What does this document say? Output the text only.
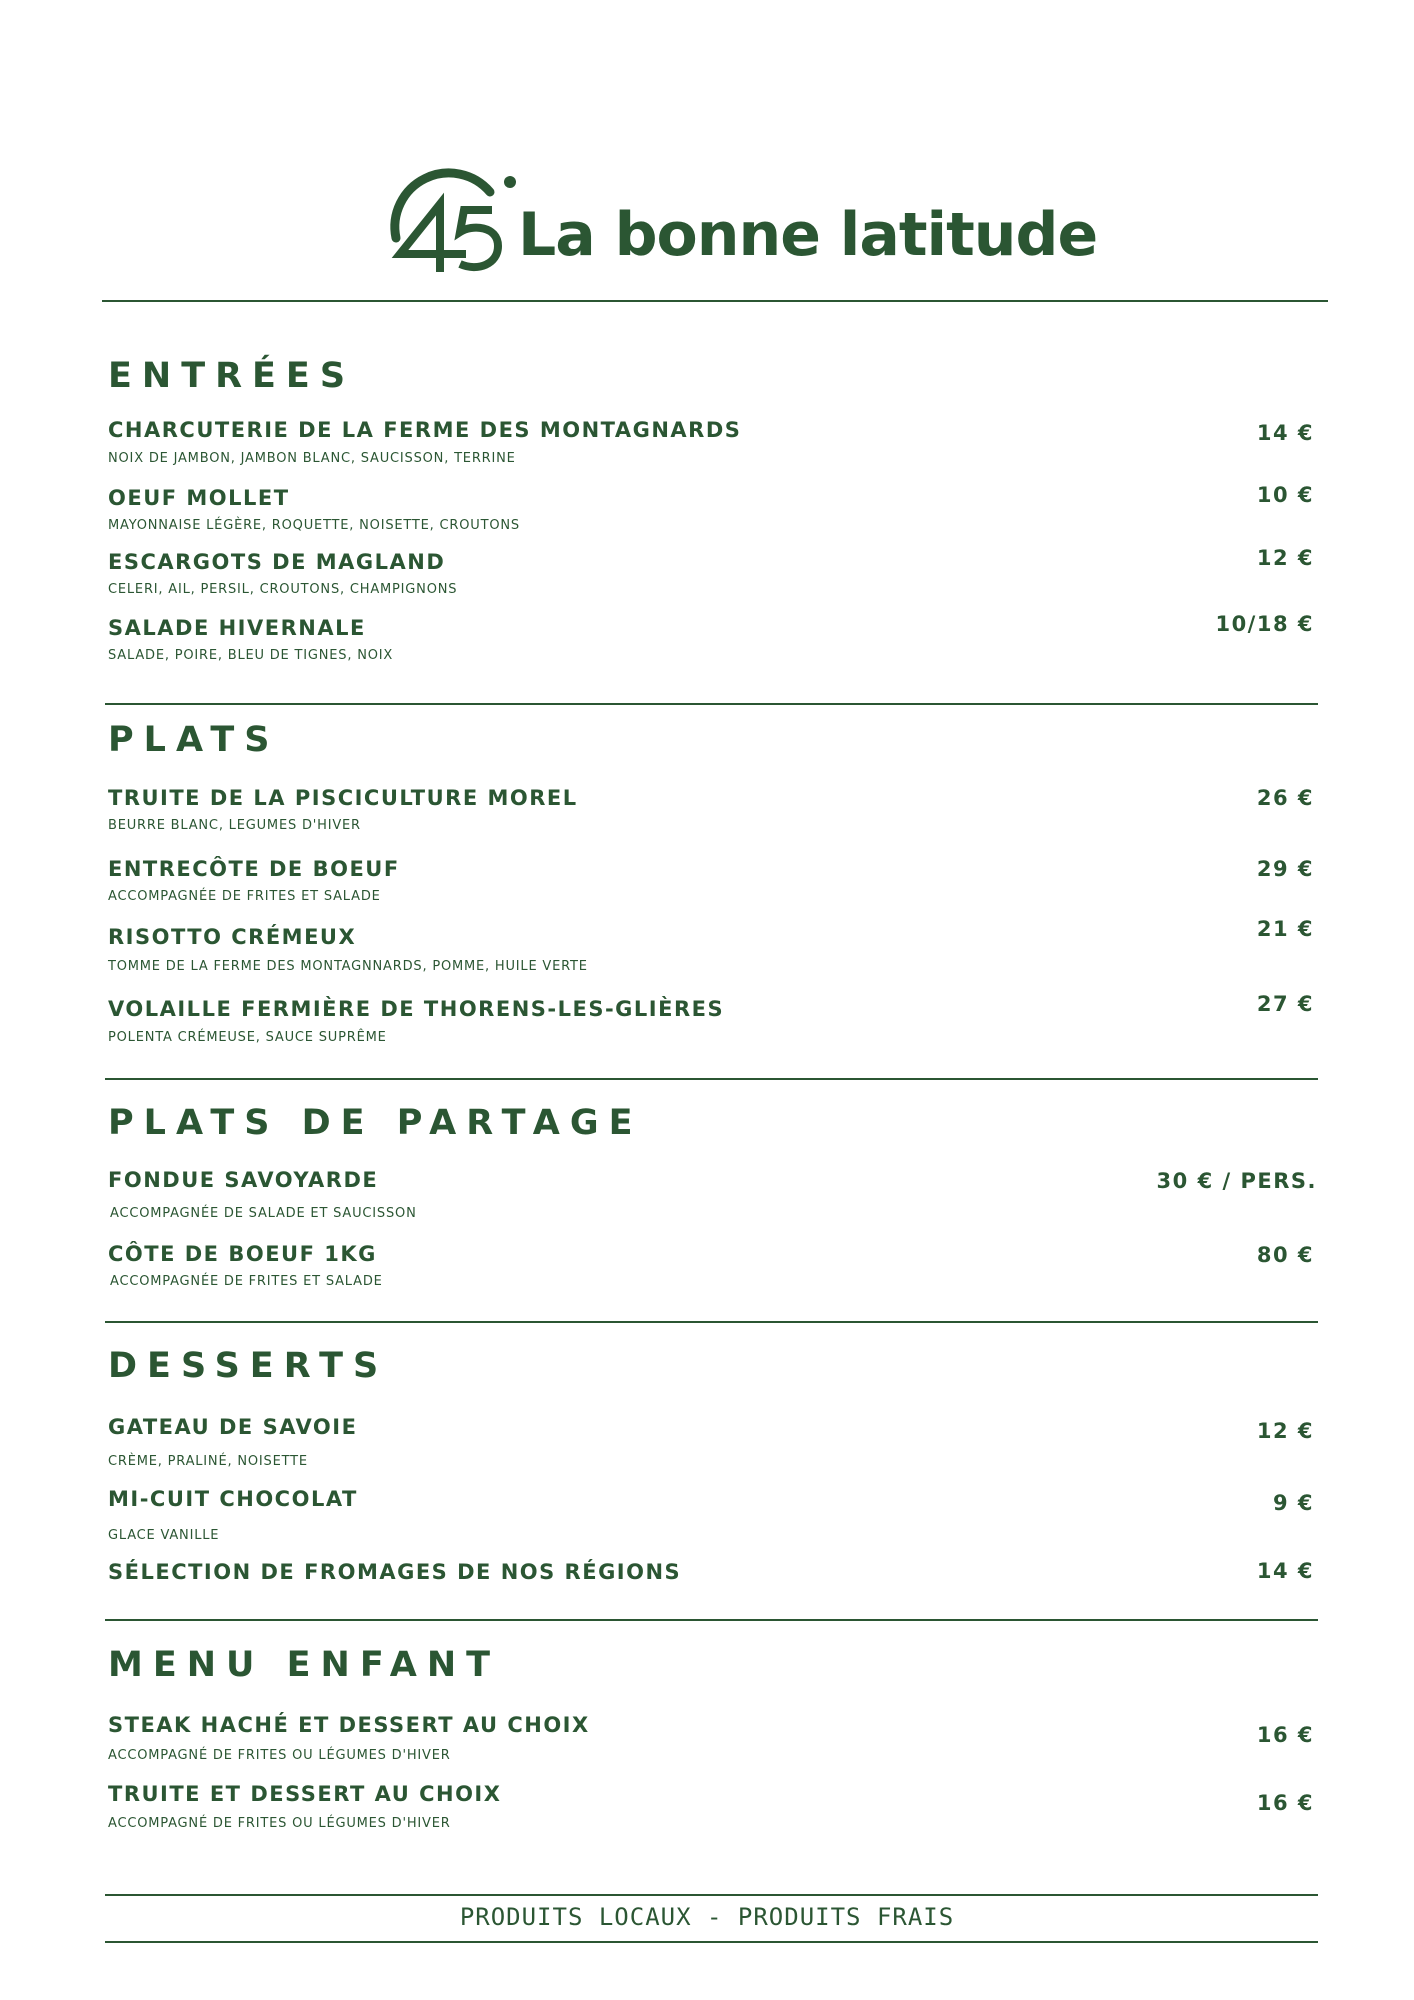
La bonne latitude
ENTRÉES
CHARCUTERIE DE LA FERME DES MONTAGNARDS
NOIX DE JAMBON, JAMBON BLANC, SAUCISSON, TERRINE
14 €
OEUF MOLLET
MAYONNAISE LÉGÈRE, ROQUETTE, NOISETTE, CROUTONS
10 €
ESCARGOTS DE MAGLAND
CELERI, AIL, PERSIL, CROUTONS, CHAMPIGNONS
12 €
SALADE HIVERNALE
SALADE, POIRE, BLEU DE TIGNES, NOIX
10/18 €
PLATS
TRUITE DE LA PISCICULTURE MOREL
BEURRE BLANC, LEGUMES D'HIVER
26 €
ENTRECÔTE DE BOEUF
ACCOMPAGNÉE DE FRITES ET SALADE
29 €
RISOTTO CRÉMEUX
TOMME DE LA FERME DES MONTAGNNARDS, POMME, HUILE VERTE
21 €
VOLAILLE FERMIÈRE DE THORENS-LES-GLIÈRES
POLENTA CRÉMEUSE, SAUCE SUPRÊME
27 €
PLATS DE PARTAGE
FONDUE SAVOYARDE
ACCOMPAGNÉE DE SALADE ET SAUCISSON
30 € / PERS.
CÔTE DE BOEUF 1KG
ACCOMPAGNÉE DE FRITES ET SALADE
80 €
DESSERTS
GATEAU DE SAVOIE
CRÈME, PRALINÉ, NOISETTE
12 €
MI-CUIT CHOCOLAT
GLACE VANILLE
9 €
SÉLECTION DE FROMAGES DE NOS RÉGIONS	14 €
MENU ENFANT
STEAK HACHÉ ET DESSERT AU CHOIX
ACCOMPAGNÉ DE FRITES OU LÉGUMES D'HIVER
16 €
TRUITE ET DESSERT AU CHOIX
ACCOMPAGNÉ DE FRITES OU LÉGUMES D'HIVER
16 €
PRODUITS LOCAUX - PRODUITS FRAIS
